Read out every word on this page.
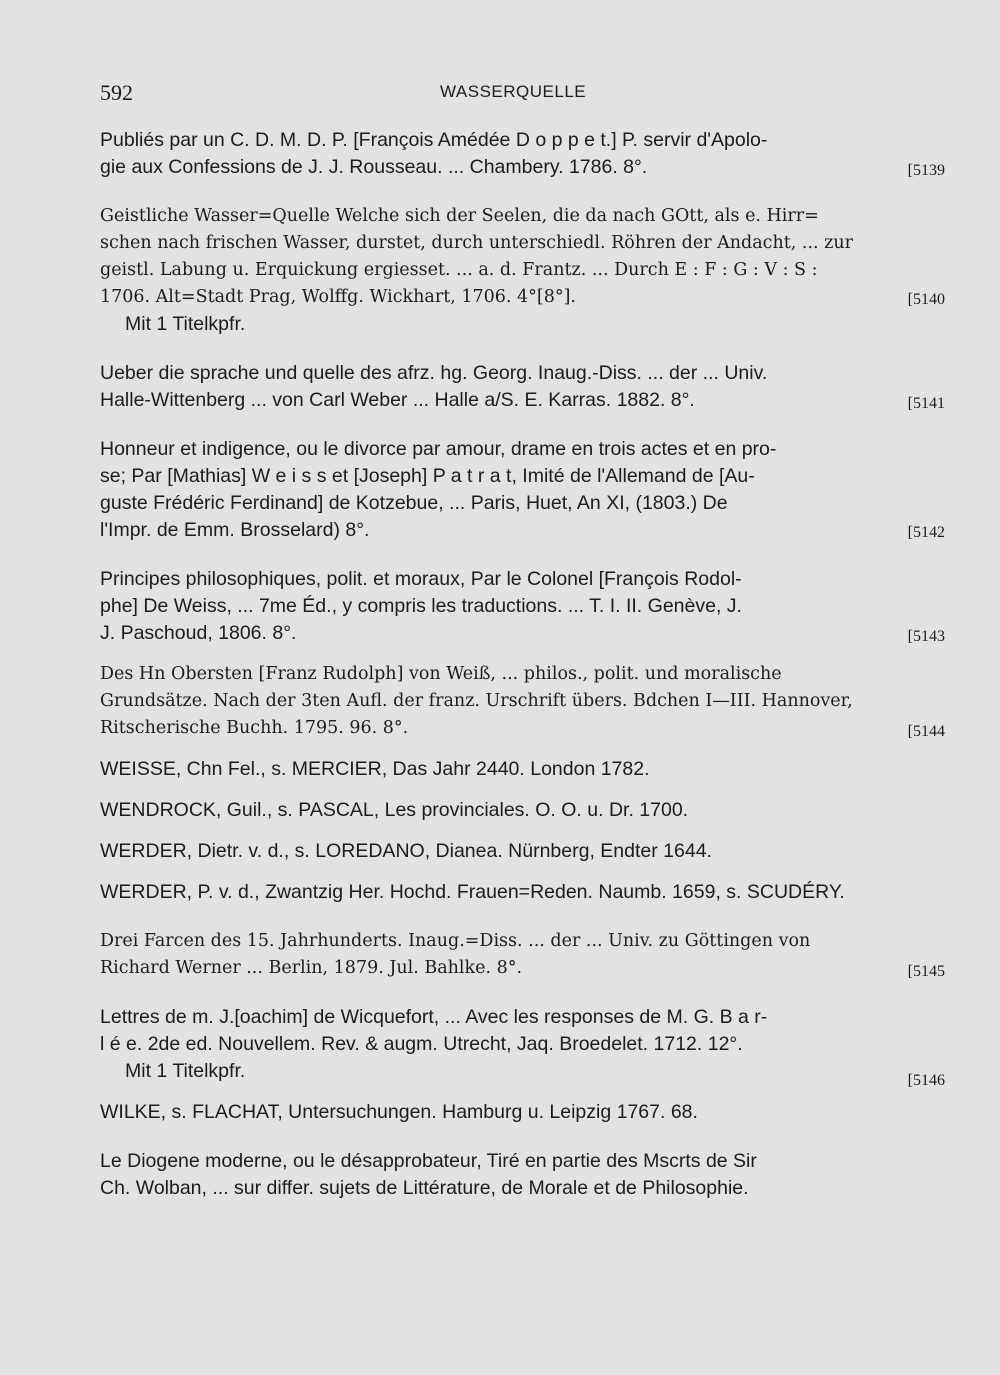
592	WASSERQUELLE
Publiés par un C. D. M. D. P. [François Amédée D o p p e t.] P. servir d'Apolo-
gie aux Confessions de J. J. Rousseau. ... Chambery. 1786. 8°.	[5139
Geistliche Wasser=Quelle Welche sich der Seelen, die da nach GOtt, als e. Hirr=
schen nach frischen Wasser, durstet, durch unterschiedl. Röhren der Andacht, ... zur
geistl. Labung u. Erquickung ergiesset. ... a. d. Frantz. ... Durch E : F : G : V : S :
1706. Alt=Stadt Prag, Wolffg. Wickhart, 1706. 4°[8°].
Mit 1 Titelkpfr.
[5140
Ueber die sprache und quelle des afrz. hg. Georg. Inaug.-Diss. ... der ... Univ.
Halle-Wittenberg ... von Carl Weber ... Halle a/S. E. Karras. 1882. 8°.	[5141
Honneur et indigence, ou le divorce par amour, drame en trois actes et en pro-
se; Par [Mathias] W e i s s et [Joseph] P a t r a t, Imité de l'Allemand de [Au-
guste Frédéric Ferdinand] de Kotzebue, ... Paris, Huet, An XI, (1803.) De
l'Impr. de Emm. Brosselard) 8°.	[5142
Principes philosophiques, polit. et moraux, Par le Colonel [François Rodol-
phe] De Weiss, ... 7me Éd., y compris les traductions. ... T. I. II. Genève, J.
J. Paschoud, 1806. 8°.	[5143
Des Hn Obersten [Franz Rudolph] von Weiß, ... philos., polit. und moralische
Grundsätze. Nach der 3ten Aufl. der franz. Urschrift übers. Bdchen I—III. Hannover,
Ritscherische Buchh. 1795. 96. 8°.	[5144
WEISSE, Chn Fel., s. MERCIER, Das Jahr 2440. London 1782.
WENDROCK, Guil., s. PASCAL, Les provinciales. O. O. u. Dr. 1700.
WERDER, Dietr. v. d., s. LOREDANO, Dianea. Nürnberg, Endter 1644.
WERDER, P. v. d., Zwantzig Her. Hochd. Frauen=Reden. Naumb. 1659, s. SCUDÉRY.
Drei Farcen des 15. Jahrhunderts. Inaug.=Diss. ... der ... Univ. zu Göttingen von
Richard Werner ... Berlin, 1879. Jul. Bahlke. 8°.	[5145
Lettres de m. J.[oachim] de Wicquefort, ... Avec les responses de M. G. B a r-
l é e. 2de ed. Nouvellem. Rev. & augm. Utrecht, Jaq. Broedelet. 1712. 12°.
Mit 1 Titelkpfr.	[5146
WILKE, s. FLACHAT, Untersuchungen. Hamburg u. Leipzig 1767. 68.
Le Diogene moderne, ou le désapprobateur, Tiré en partie des Mscrts de Sir
Ch. Wolban, ... sur differ. sujets de Littérature, de Morale et de Philosophie.
